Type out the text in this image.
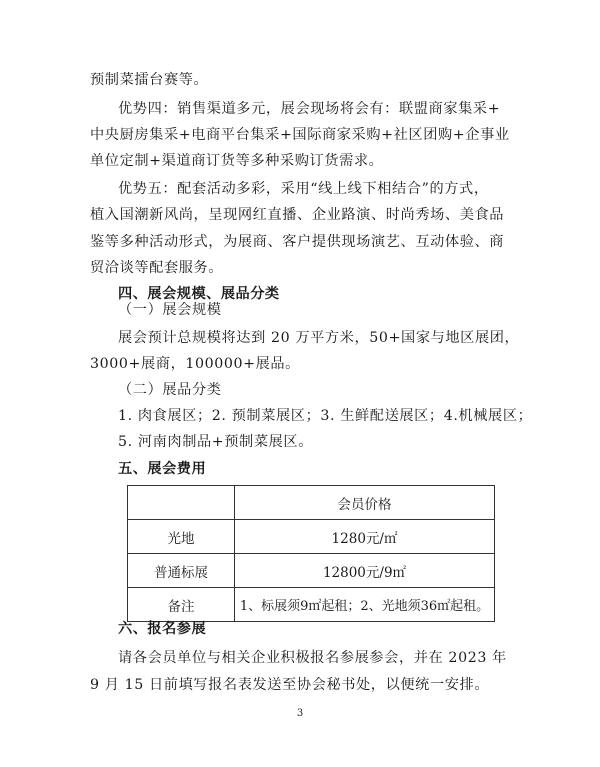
预制菜擂台赛等。
优势四：销售渠道多元，展会现场将会有：联盟商家集采+
中央厨房集采+电商平台集采+国际商家采购+社区团购+企事业
单位定制+渠道商订货等多种采购订货需求。
优势五：配套活动多彩，采用“线上线下相结合”的方式，
植入国潮新风尚，呈现网红直播、企业路演、时尚秀场、美食品
鉴等多种活动形式，为展商、客户提供现场演艺、互动体验、商
贸洽谈等配套服务。
四、展会规模、展品分类
（一）展会规模
展会预计总规模将达到 20 万平方米，50+国家与地区展团，
3000+展商，100000+展品。
（二）展品分类
1. 肉食展区；2. 预制菜展区；3. 生鲜配送展区；4.机械展区；
5. 河南肉制品+预制菜展区。
五、展会费用
	会员价格
光地	1280元/㎡
普通标展	12800元/9㎡
备注	1、标展须9㎡起租；2、光地须36㎡起租。
六、报名参展
请各会员单位与相关企业积极报名参展参会，并在 2023 年
9 月 15 日前填写报名表发送至协会秘书处，以便统一安排。
3
